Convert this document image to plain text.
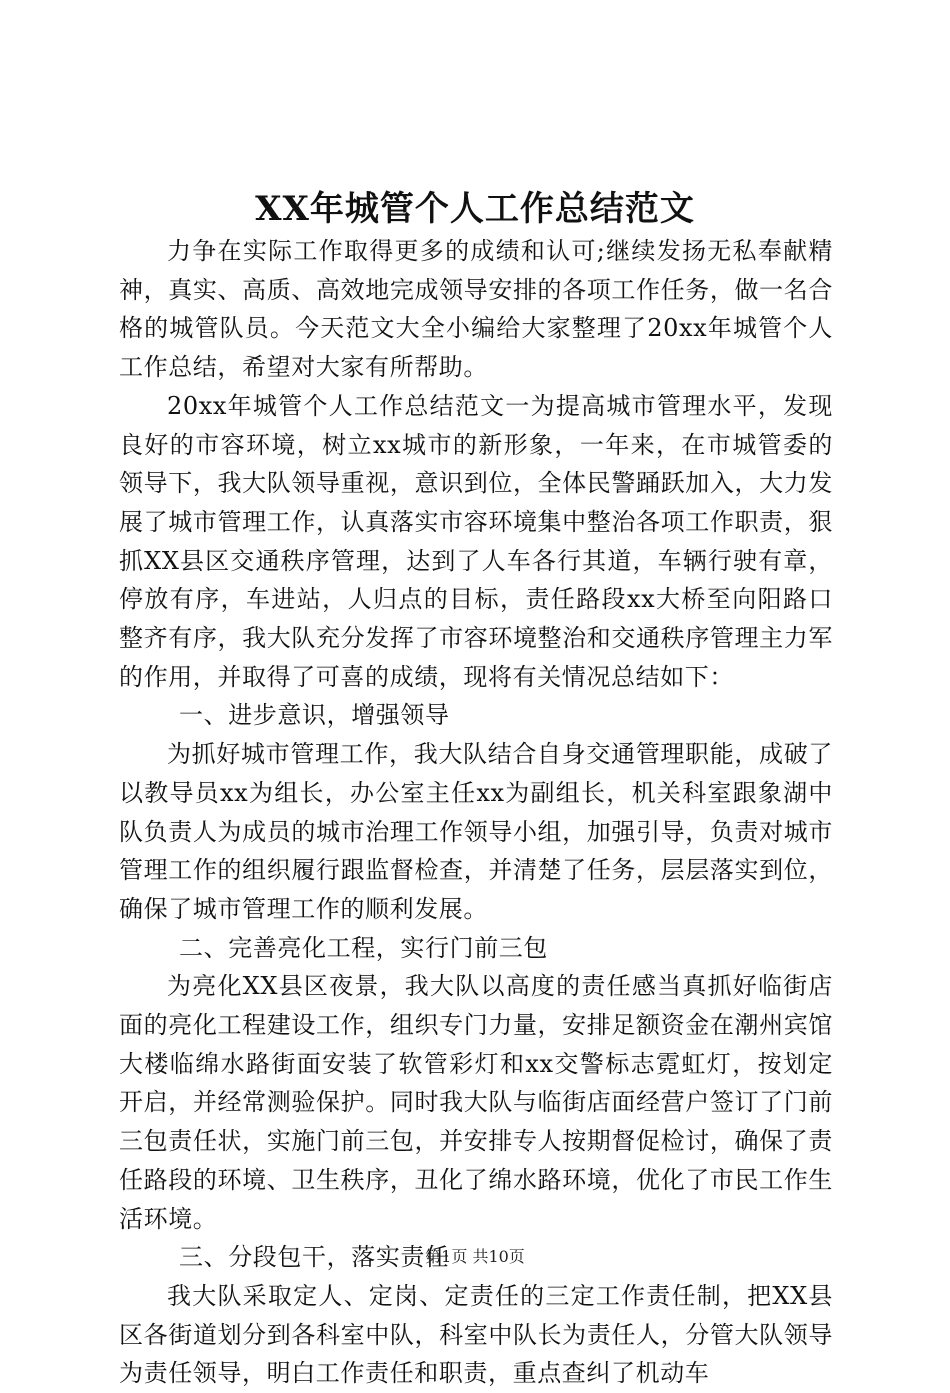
XX年城管个人工作总结范文

力争在实际工作取得更多的成绩和认可;继续发扬无私奉献精神，真实、高质、高效地完成领导安排的各项工作任务，做一名合格的城管队员。今天范文大全小编给大家整理了20xx年城管个人工作总结，希望对大家有所帮助。

20xx年城管个人工作总结范文一为提高城市管理水平，发现良好的市容环境，树立xx城市的新形象，一年来，在市城管委的领导下，我大队领导重视，意识到位，全体民警踊跃加入，大力发展了城市管理工作，认真落实市容环境集中整治各项工作职责，狠抓XX县区交通秩序管理，达到了人车各行其道，车辆行驶有章，停放有序，车进站，人归点的目标，责任路段xx大桥至向阳路口整齐有序，我大队充分发挥了市容环境整治和交通秩序管理主力军的作用，并取得了可喜的成绩，现将有关情况总结如下：

一、进步意识，增强领导

为抓好城市管理工作，我大队结合自身交通管理职能，成破了以教导员xx为组长，办公室主任xx为副组长，机关科室跟象湖中队负责人为成员的城市治理工作领导小组，加强引导，负责对城市管理工作的组织履行跟监督检查，并清楚了任务，层层落实到位，确保了城市管理工作的顺利发展。

二、完善亮化工程，实行门前三包

为亮化XX县区夜景，我大队以高度的责任感当真抓好临街店面的亮化工程建设工作，组织专门力量，安排足额资金在潮州宾馆大楼临绵水路街面安装了软管彩灯和xx交警标志霓虹灯，按划定开启，并经常测验保护。同时我大队与临街店面经营户签订了门前三包责任状，实施门前三包，并安排专人按期督促检讨，确保了责任路段的环境、卫生秩序，丑化了绵水路环境，优化了市民工作生活环境。

三、分段包干，落实责任

我大队采取定人、定岗、定责任的三定工作责任制，把XX县区各街道划分到各科室中队，科室中队长为责任人，分管大队领导为责任领导，明白工作责任和职责，重点查纠了机动车

第1页 共10页
